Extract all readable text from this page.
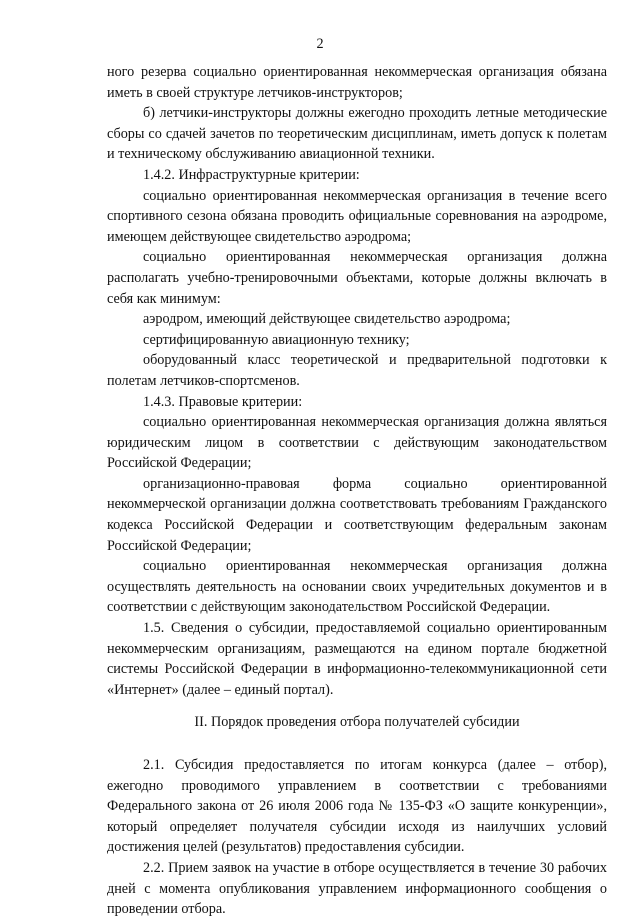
2

ного резерва социально ориентированная некоммерческая организация обязана иметь в своей структуре летчиков-инструкторов;

б) летчики-инструкторы должны ежегодно проходить летные методические сборы со сдачей зачетов по теоретическим дисциплинам, иметь допуск к полетам и техническому обслуживанию авиационной техники.

1.4.2. Инфраструктурные критерии:

социально ориентированная некоммерческая организация в течение всего спортивного сезона обязана проводить официальные соревнования на аэродроме, имеющем действующее свидетельство аэродрома;

социально ориентированная некоммерческая организация должна располагать учебно-тренировочными объектами, которые должны включать в себя как минимум:

аэродром, имеющий действующее свидетельство аэродрома;

сертифицированную авиационную технику;

оборудованный класс теоретической и предварительной подготовки к полетам летчиков-спортсменов.

1.4.3. Правовые критерии:

социально ориентированная некоммерческая организация должна являться юридическим лицом в соответствии с действующим законодательством Российской Федерации;

организационно-правовая форма социально ориентированной некоммерческой организации должна соответствовать требованиям Гражданского кодекса Российской Федерации и соответствующим федеральным законам Российской Федерации;

социально ориентированная некоммерческая организация должна осуществлять деятельность на основании своих учредительных документов и в соответствии с действующим законодательством Российской Федерации.

1.5. Сведения о субсидии, предоставляемой социально ориентированным некоммерческим организациям, размещаются на едином портале бюджетной системы Российской Федерации в информационно-телекоммуникационной сети «Интернет» (далее – единый портал).

II. Порядок проведения отбора получателей субсидии

2.1. Субсидия предоставляется по итогам конкурса (далее – отбор), ежегодно проводимого управлением в соответствии с требованиями Федерального закона от 26 июля 2006 года № 135-ФЗ «О защите конкуренции», который определяет получателя субсидии исходя из наилучших условий достижения целей (результатов) предоставления субсидии.

2.2. Прием заявок на участие в отборе осуществляется в течение 30 рабочих дней с момента опубликования управлением информационного сообщения о проведении отбора.
